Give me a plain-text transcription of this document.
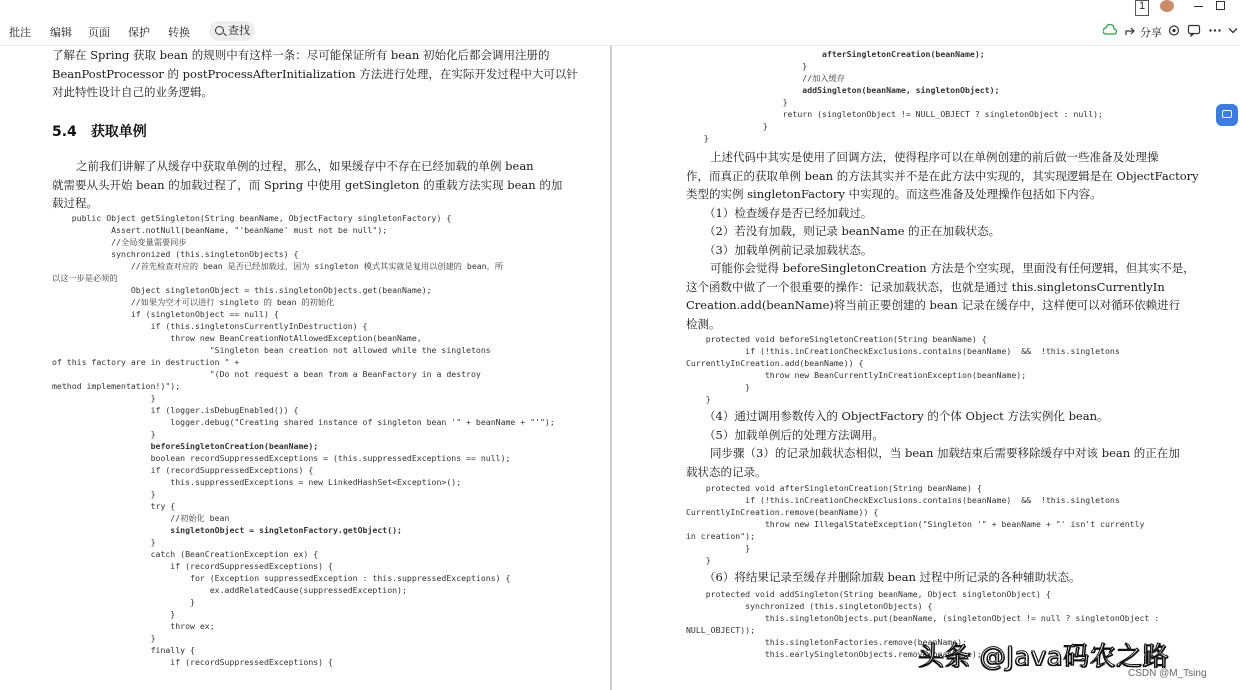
1
批注 编辑 页面 保护 转换	查找	分享
了解在 Spring 获取 bean 的规则中有这样一条：尽可能保证所有 bean 初始化后都会调用注册的
BeanPostProcessor 的 postProcessAfterInitialization 方法进行处理，在实际开发过程中大可以针
对此特性设计自己的业务逻辑。
5.4 获取单例
之前我们讲解了从缓存中获取单例的过程，那么，如果缓存中不存在已经加载的单例 bean
就需要从头开始 bean 的加载过程了，而 Spring 中使用 getSingleton 的重载方法实现 bean 的加
载过程。
public Object getSingleton(String beanName, ObjectFactory singletonFactory) {
Assert.notNull(beanName, "'beanName' must not be null");
//全局变量需要同步
synchronized (this.singletonObjects) {
//首先检查对应的 bean 是否已经加载过，因为 singleton 模式其实就是复用以创建的 bean，所
以这一步是必须的
Object singletonObject = this.singletonObjects.get(beanName);
//如果为空才可以进行 singleto 的 bean 的初始化
if (singletonObject == null) {
if (this.singletonsCurrentlyInDestruction) {
throw new BeanCreationNotAllowedException(beanName,
"Singleton bean creation not allowed while the singletons
of this factory are in destruction " +
"(Do not request a bean from a BeanFactory in a destroy
method implementation!)");
}
if (logger.isDebugEnabled()) {
logger.debug("Creating shared instance of singleton bean '" + beanName + "'");
}
beforeSingletonCreation(beanName);
boolean recordSuppressedExceptions = (this.suppressedExceptions == null);
if (recordSuppressedExceptions) {
this.suppressedExceptions = new LinkedHashSet<Exception>();
}
try {
//初始化 bean
singletonObject = singletonFactory.getObject();
}
catch (BeanCreationException ex) {
if (recordSuppressedExceptions) {
for (Exception suppressedException : this.suppressedExceptions) {
ex.addRelatedCause(suppressedException);
}
}
throw ex;
}
finally {
if (recordSuppressedExceptions) {
afterSingletonCreation(beanName);
}
//加入缓存
addSingleton(beanName, singletonObject);
}
return (singletonObject != NULL_OBJECT ? singletonObject : null);
}
}
上述代码中其实是使用了回调方法，使得程序可以在单例创建的前后做一些准备及处理操
作，而真正的获取单例 bean 的方法其实并不是在此方法中实现的，其实现逻辑是在 ObjectFactory
类型的实例 singletonFactory 中实现的。而这些准备及处理操作包括如下内容。
（1）检查缓存是否已经加载过。
（2）若没有加载，则记录 beanName 的正在加载状态。
（3）加载单例前记录加载状态。
可能你会觉得 beforeSingletonCreation 方法是个空实现，里面没有任何逻辑，但其实不是，
这个函数中做了一个很重要的操作：记录加载状态，也就是通过 this.singletonsCurrentlyIn
Creation.add(beanName)将当前正要创建的 bean 记录在缓存中，这样便可以对循环依赖进行
检测。
protected void beforeSingletonCreation(String beanName) {
if (!this.inCreationCheckExclusions.contains(beanName)  &&  !this.singletons
CurrentlyInCreation.add(beanName)) {
throw new BeanCurrentlyInCreationException(beanName);
}
}
（4）通过调用参数传入的 ObjectFactory 的个体 Object 方法实例化 bean。
（5）加载单例后的处理方法调用。
同步骤（3）的记录加载状态相似，当 bean 加载结束后需要移除缓存中对该 bean 的正在加
载状态的记录。
protected void afterSingletonCreation(String beanName) {
if (!this.inCreationCheckExclusions.contains(beanName)  &&  !this.singletons
CurrentlyInCreation.remove(beanName)) {
throw new IllegalStateException("Singleton '" + beanName + "' isn't currently
in creation");
}
}
（6）将结果记录至缓存并删除加载 bean 过程中所记录的各种辅助状态。
protected void addSingleton(String beanName, Object singletonObject) {
synchronized (this.singletonObjects) {
this.singletonObjects.put(beanName, (singletonObject != null ? singletonObject :
NULL_OBJECT));
this.singletonFactories.remove(beanName);
this.earlySingletonObjects.remove(beanName);
头条 @Java码农之路
CSDN @M_Tsing
